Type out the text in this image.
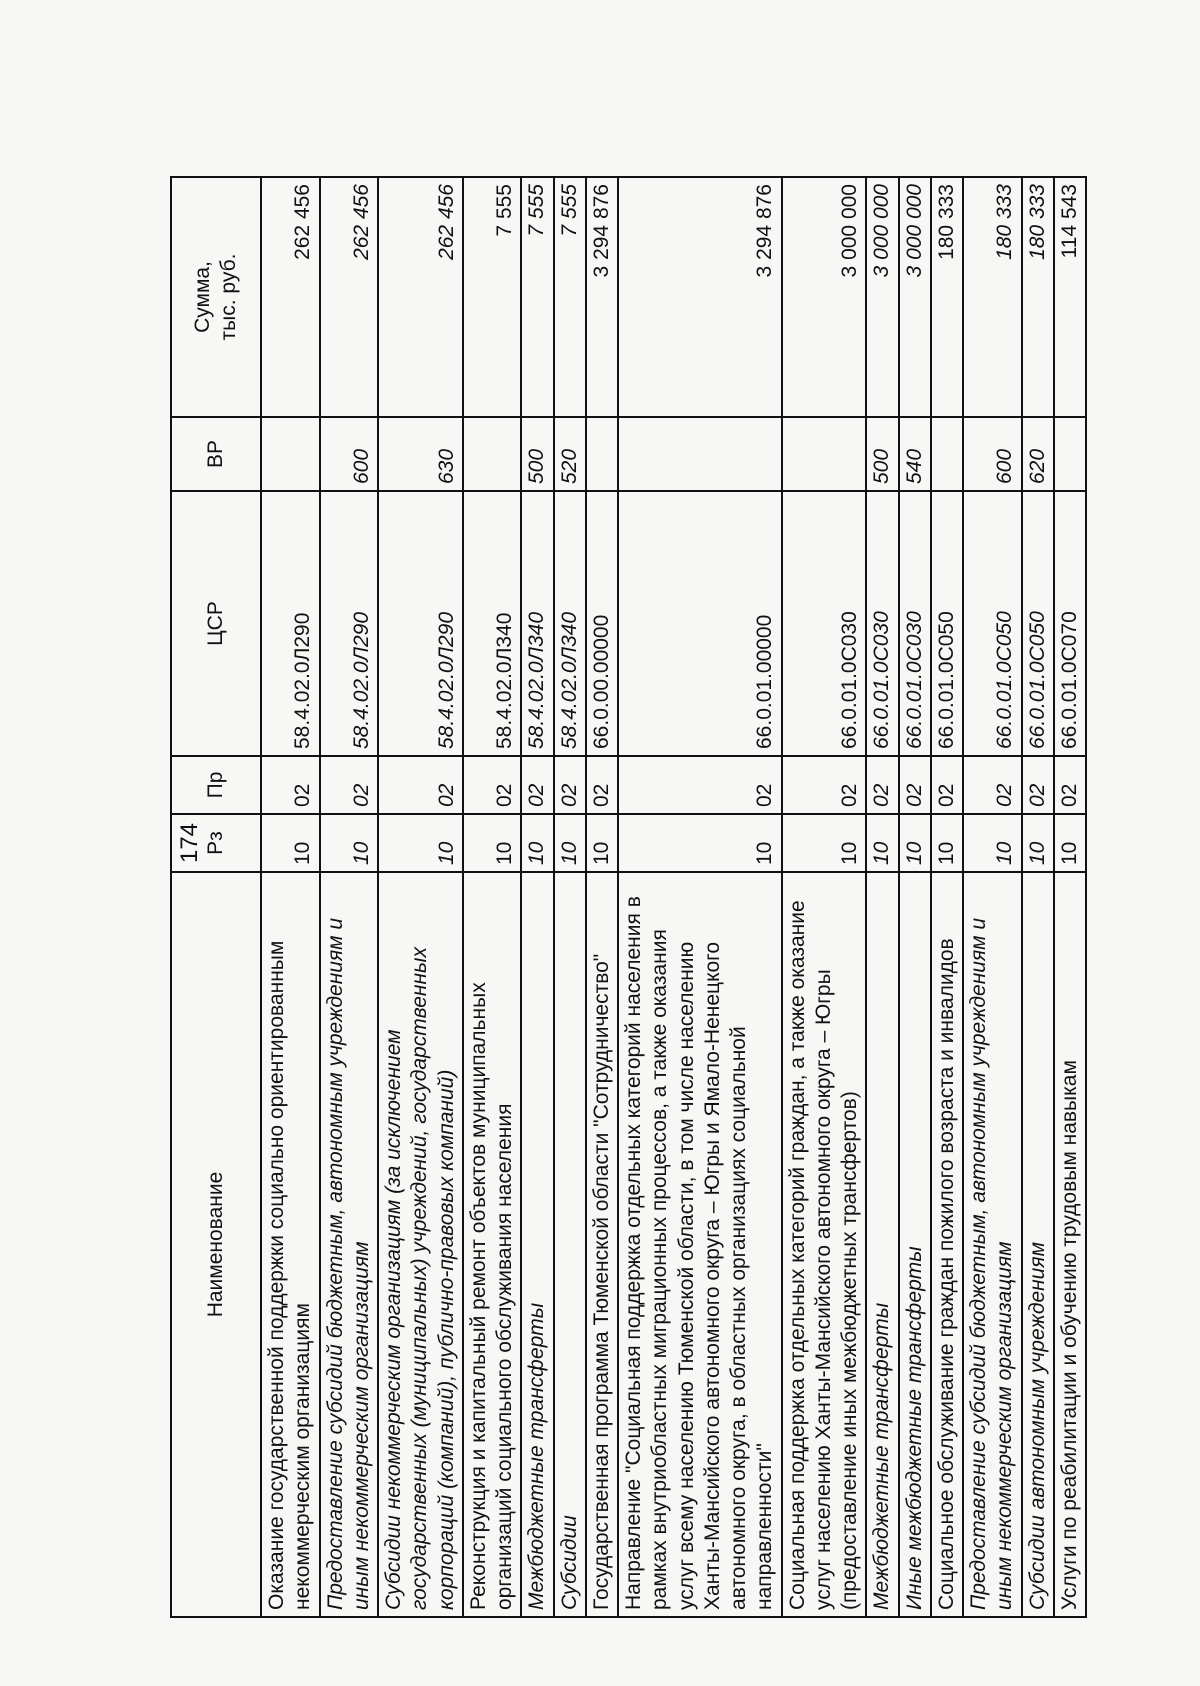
174
Наименование	Рз	Пр	ЦСР	ВР	Сумма, тыс. руб.
Оказание государственной поддержки социально ориентированным некоммерческим организациям	10	02	58.4.02.0Л290		262 456
Предоставление субсидий бюджетным, автономным учреждениям и иным некоммерческим организациям	10	02	58.4.02.0Л290	600	262 456
Субсидии некоммерческим организациям (за исключением государственных (муниципальных) учреждений, государственных корпораций (компаний), публично-правовых компаний)	10	02	58.4.02.0Л290	630	262 456
Реконструкция и капитальный ремонт объектов муниципальных организаций социального обслуживания населения	10	02	58.4.02.0Л340		7 555
Межбюджетные трансферты	10	02	58.4.02.0Л340	500	7 555
Субсидии	10	02	58.4.02.0Л340	520	7 555
Государственная программа Тюменской области "Сотрудничество"	10	02	66.0.00.00000		3 294 876
Направление "Социальная поддержка отдельных категорий населения в рамках внутриобластных миграционных процессов, а также оказания услуг всему населению Тюменской области, в том числе населению Ханты-Мансийского автономного округа – Югры и Ямало-Ненецкого автономного округа, в областных организациях социальной направленности"	10	02	66.0.01.00000		3 294 876
Социальная поддержка отдельных категорий граждан, а также оказание услуг населению Ханты-Мансийского автономного округа – Югры (предоставление иных межбюджетных трансфертов)	10	02	66.0.01.0С030		3 000 000
Межбюджетные трансферты	10	02	66.0.01.0С030	500	3 000 000
Иные межбюджетные трансферты	10	02	66.0.01.0С030	540	3 000 000
Социальное обслуживание граждан пожилого возраста и инвалидов	10	02	66.0.01.0С050		180 333
Предоставление субсидий бюджетным, автономным учреждениям и иным некоммерческим организациям	10	02	66.0.01.0С050	600	180 333
Субсидии автономным учреждениям	10	02	66.0.01.0С050	620	180 333
Услуги по реабилитации и обучению трудовым навыкам	10	02	66.0.01.0С070		114 543
